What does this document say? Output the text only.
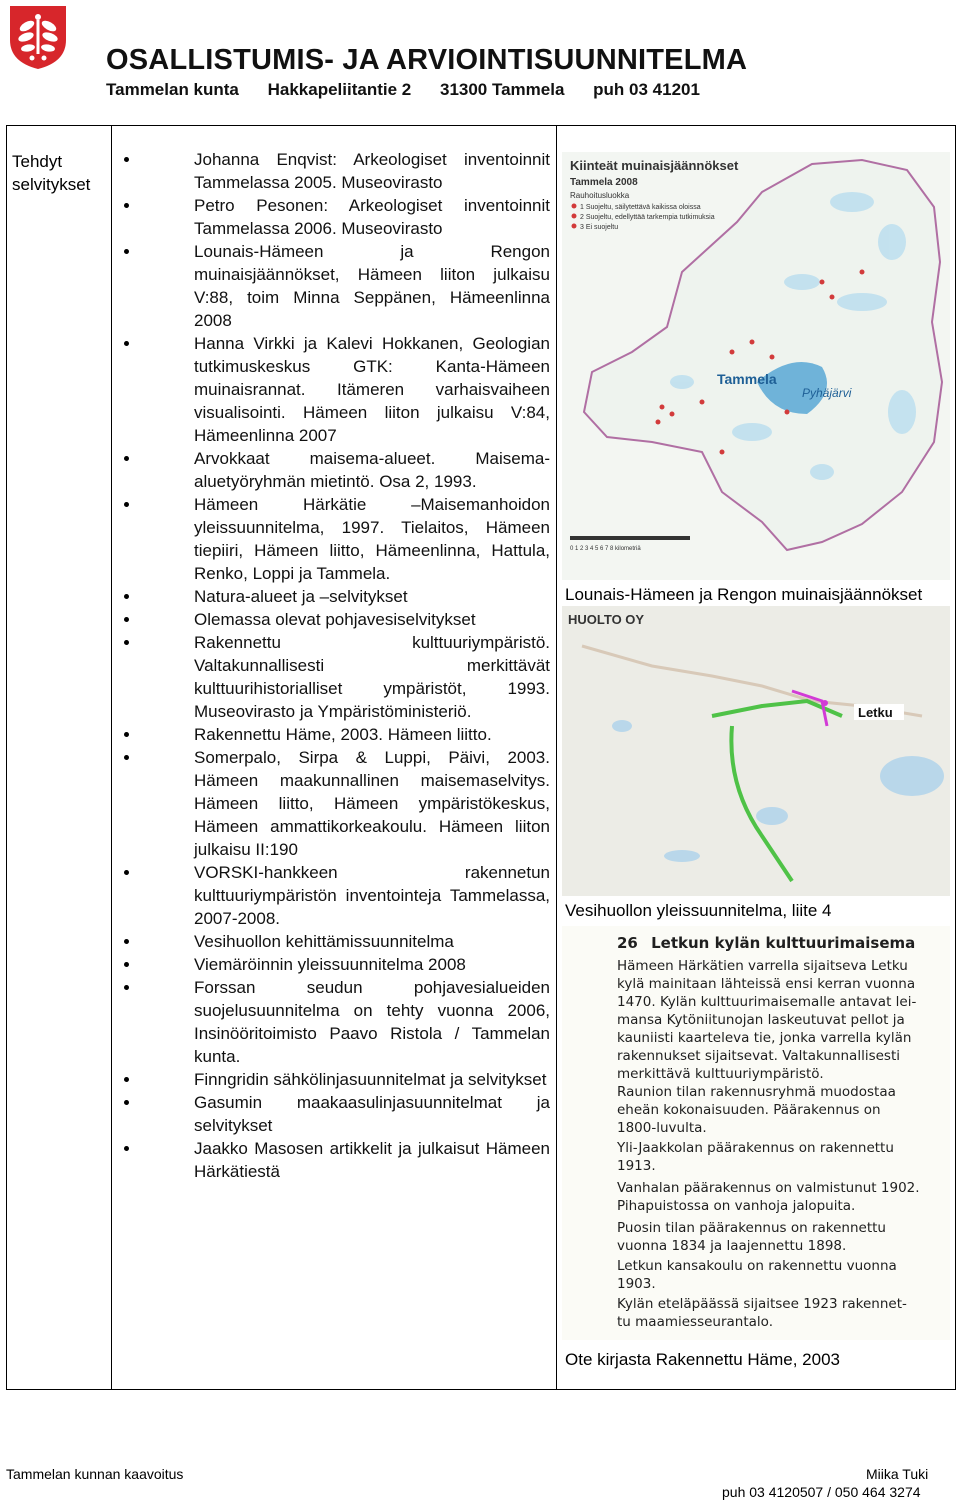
OSALLISTUMIS- JA ARVIOINTISUUNNITELMA
Tammelan kunta Hakkapeliitantie 2 31300 Tammela puh 03 41201
Tehdyt selvitykset
Johanna Enqvist: Arkeologiset inventoinnit Tammelassa 2005. Museovirasto
Petro Pesonen: Arkeologiset inventoinnit Tammelassa 2006. Museovirasto
Lounais-Hämeen ja Rengon muinaisjäännökset, Hämeen liiton julkaisu V:88, toim Minna Seppänen, Hämeenlinna 2008
Hanna Virkki ja Kalevi Hokkanen, Geologian tutkimuskeskus GTK: Kanta-Hämeen muinaisrannat. Itämeren varhaisvaiheen visualisointi. Hämeen liiton julkaisu V:84, Hämeenlinna 2007
Arvokkaat maisema-alueet. Maisema-aluetyöryhmän mietintö. Osa 2, 1993.
Hämeen Härkätie –Maisemanhoidon yleissuunnitelma, 1997. Tielaitos, Hämeen tiepiiri, Hämeen liitto, Hämeenlinna, Hattula, Renko, Loppi ja Tammela.
Natura-alueet ja –selvitykset
Olemassa olevat pohjavesiselvitykset
Rakennettu kulttuuriympäristö. Valtakunnallisesti merkittävät kulttuurihistorialliset ympäristöt, 1993. Museovirasto ja Ympäristöministeriö.
Rakennettu Häme, 2003. Hämeen liitto.
Somerpalo, Sirpa & Luppi, Päivi, 2003. Hämeen maakunnallinen maisemaselvitys. Hämeen liitto, Hämeen ympäristökeskus, Hämeen ammattikorkeakoulu. Hämeen liiton julkaisu II:190
VORSKI-hankkeen rakennetun kulttuuriympäristön inventointeja Tammelassa, 2007-2008.
Vesihuollon kehittämissuunnitelma
Viemäröinnin yleissuunnitelma 2008
Forssan seudun pohjavesialueiden suojelusuunnitelma on tehty vuonna 2006, Insinööritoimisto Paavo Ristola / Tammelan kunta.
Finngridin sähkölinjasuunnitelmat ja selvitykset
Gasumin maakaasulinjasuunnitelmat ja selvitykset
Jaakko Masosen artikkelit ja julkaisut Hämeen Härkätiestä
Pyhäjärvi
Tammela
Kiinteät muinaisjäännökset
Tammela 2008
Rauhoitusluokka
1 Suojeltu, säilytettävä kaikissa oloissa
2 Suojeltu, edellyttää tarkempia tutkimuksia
3 Ei suojeltu
0 1 2 3 4 5 6 7 8 kilometriä
Lounais-Hämeen ja Rengon muinaisjäännökset
HUOLTO OY
Letku
Vesihuollon yleissuunnitelma, liite 4
26 Letkun kylän kulttuurimaisema
Hämeen Härkätien varrella sijaitseva Letku
kylä mainitaan lähteissä ensi kerran vuonna
1470. Kylän kulttuurimaisemalle antavat lei-
mansa Kytöniitunojan laskeutuvat pellot ja
kauniisti kaarteleva tie, jonka varrella kylän
rakennukset sijaitsevat. Valtakunnallisesti
merkittävä kulttuuriympäristö.
Raunion tilan rakennusryhmä muodostaa
eheän kokonaisuuden. Päärakennus on
1800-luvulta.
Yli-Jaakkolan päärakennus on rakennettu
1913.
Vanhalan päärakennus on valmistunut 1902.
Pihapuistossa on vanhoja jalopuita.
Puosin tilan päärakennus on rakennettu
vuonna 1834 ja laajennettu 1898.
Letkun kansakoulu on rakennettu vuonna
1903.
Kylän eteläpäässä sijaitsee 1923 rakennet-
tu maamiesseurantalo.
Ote kirjasta Rakennettu Häme, 2003
Tammelan kunnan kaavoitus	Miika Tuki
puh 03 4120507 / 050 464 3274
